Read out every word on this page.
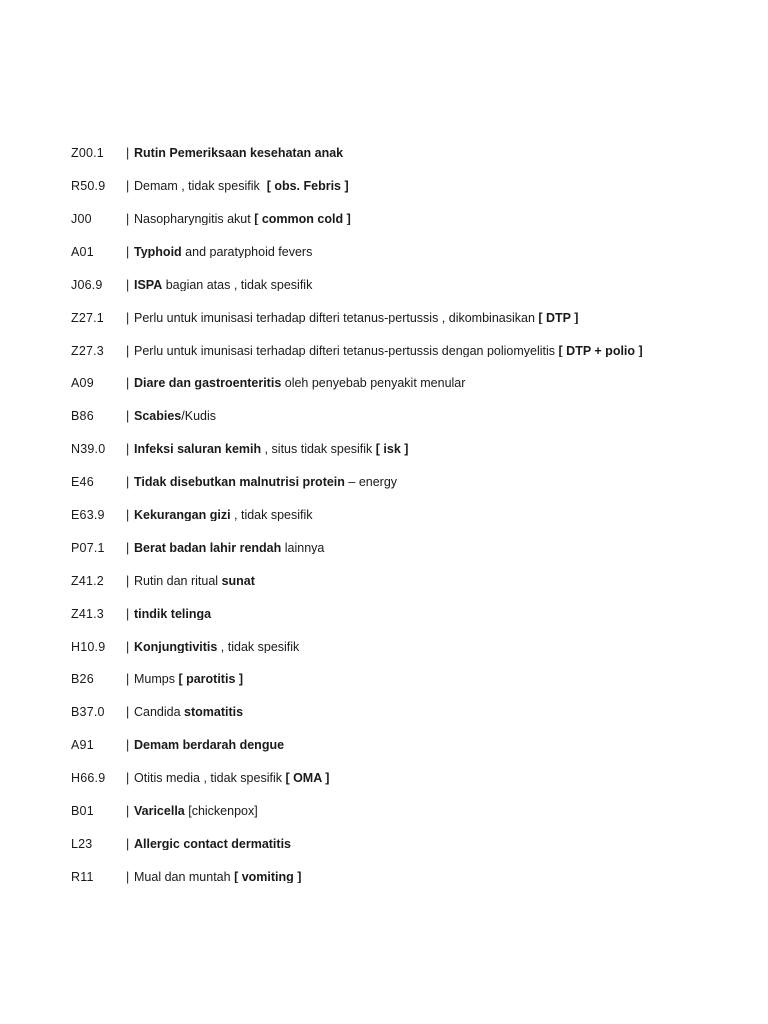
Z00.1	| Rutin Pemeriksaan kesehatan anak
R50.9	| Demam , tidak spesifik  [ obs. Febris ]
J00	| Nasopharyngitis akut [ common cold ]
A01	| Typhoid and paratyphoid fevers
J06.9	| ISPA bagian atas , tidak spesifik
Z27.1	| Perlu untuk imunisasi terhadap difteri tetanus-pertussis , dikombinasikan [ DTP ]
Z27.3	| Perlu untuk imunisasi terhadap difteri tetanus-pertussis dengan poliomyelitis [ DTP + polio ]
A09	| Diare dan gastroenteritis oleh penyebab penyakit menular
B86	| Scabies/Kudis
N39.0	| Infeksi saluran kemih , situs tidak spesifik [ isk ]
E46	| Tidak disebutkan malnutrisi protein – energy
E63.9	| Kekurangan gizi , tidak spesifik
P07.1	| Berat badan lahir rendah lainnya
Z41.2	| Rutin dan ritual sunat
Z41.3	| tindik telinga
H10.9	| Konjungtivitis , tidak spesifik
B26	| Mumps [ parotitis ]
B37.0	| Candida stomatitis
A91	| Demam berdarah dengue
H66.9	| Otitis media , tidak spesifik [ OMA ]
B01	| Varicella [chickenpox]
L23	| Allergic contact dermatitis
R11	| Mual dan muntah [ vomiting ]
